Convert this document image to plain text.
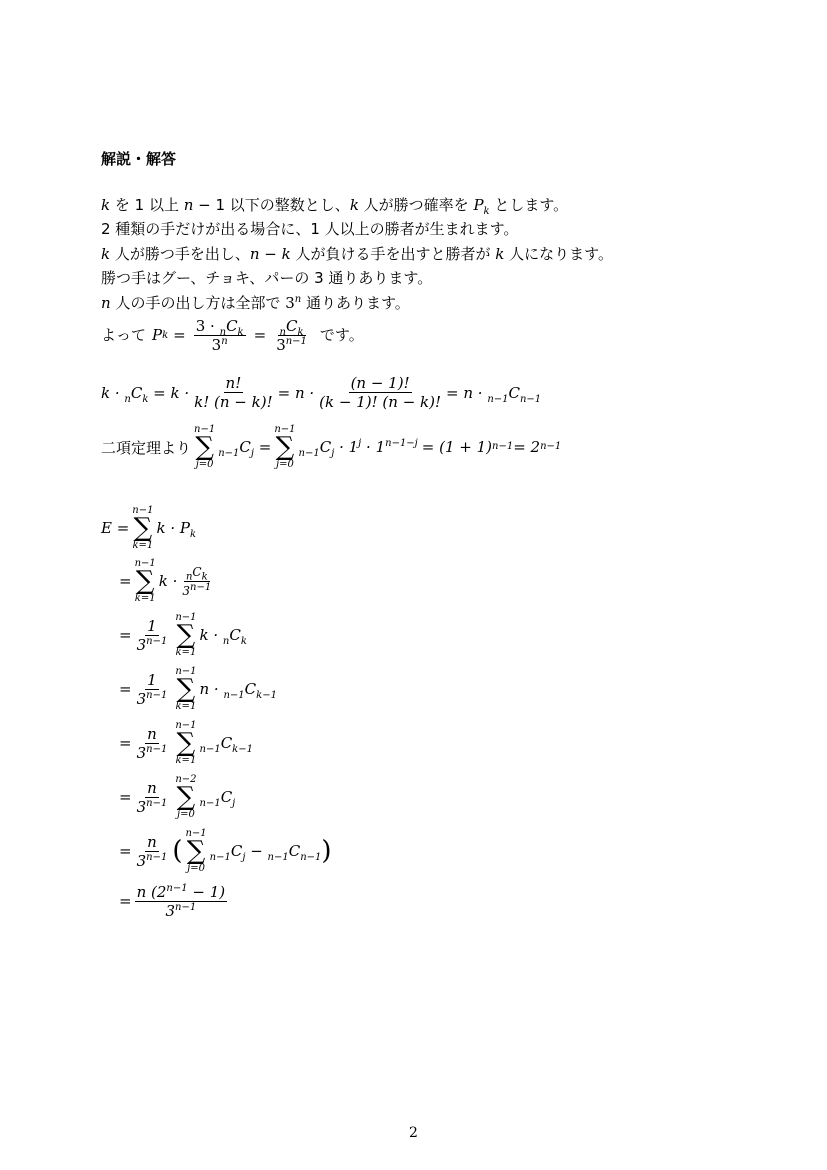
解説・解答
k を 1 以上 n − 1 以下の整数とし、k 人が勝つ確率を $P_k$ とします。
2 種類の手だけが出る場合に、1 人以上の勝者が生まれます。
k 人が勝つ手を出し、n − k 人が負ける手を出すと勝者が k 人になります。
勝つ手はグー、チョキ、パーの 3 通りあります。
n 人の手の出し方は全部で 3$^n$ 通りあります。
よって P $k = \frac{3 \cdot _nC_k}{3^n} = \frac{_nC_k}{3^{n-1}}$ です。
$k \cdot _nC_k = k \cdot \frac{n!}{k! (n - k)!} = n \cdot \frac{(n - 1)!}{(k - 1)! (n - k)!} = n \cdot _{n-1}C_{n-1}$
二項定理より
n−1
∑
j=0
$_{n-1}C_j$ =
n−1
∑
j=0
$_{n-1}C_j \cdot 1^j \cdot 1^{n-1-j} = (1 + 1) n-1 = 2$ n−1
E =
n−1
∑
k=1
$k \cdot P_k$
=
n−1
∑
k=1
$k \cdot \frac{_nC_k}{3^{n-1}}$
= $\frac{1}{3^{n-1}} n-1$
∑
k=1
$k \cdot _nC_k$
= $\frac{1}{3^{n-1}} n-1$
∑
k=1
$n \cdot _{n-1}C_{k-1}$
= $\frac{n}{3^{n-1}} n-1$
∑
k=1
$_{n-1}C_{k-1}$
= $\frac{n}{3^{n-1}} n-2$
∑
j=0
$_{n-1}C_j$
= $\frac{n}{3^{n-1}}$ (
n−1
∑
j=0
$_{n-1}C_j - _{n-1}C_{n-1}$ )
= $\frac{n (2^{n-1} - 1)}{3^{n-1}}$
2
